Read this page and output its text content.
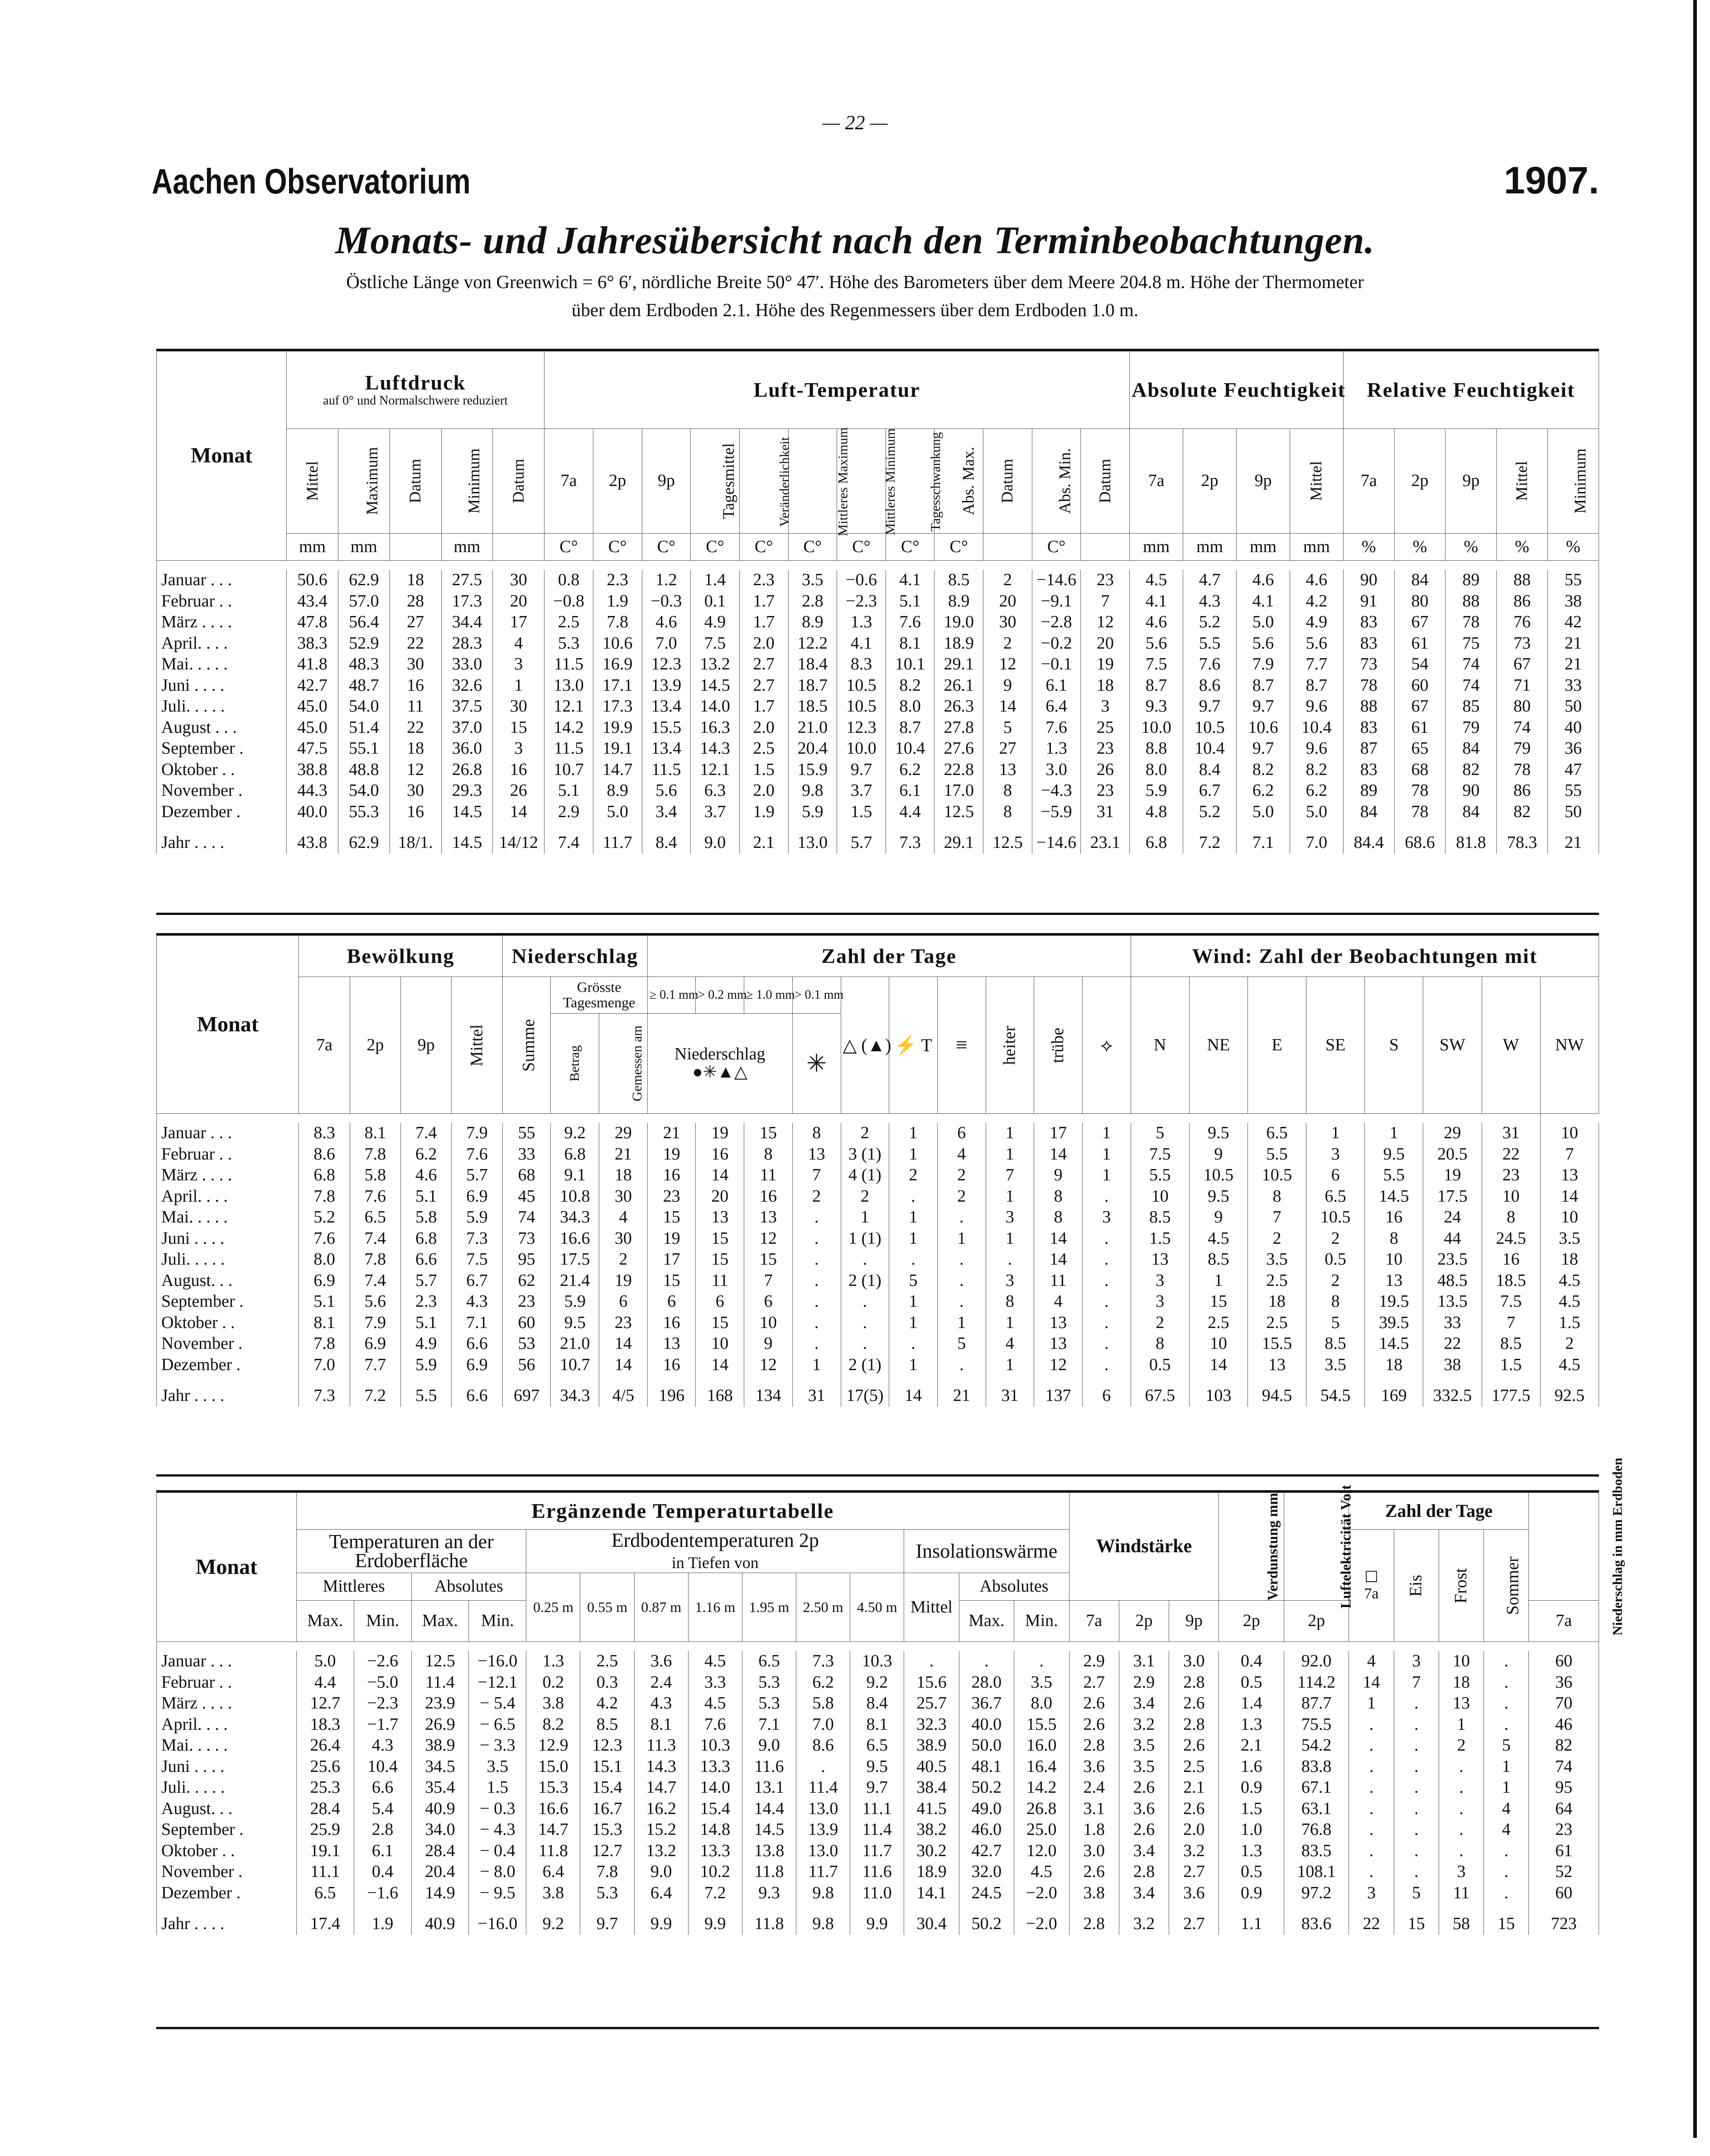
— 22 —
Aachen Observatorium	1907.
Monats- und Jahresübersicht nach den Terminbeobachtungen.
Östliche Länge von Greenwich = 6° 6′, nördliche Breite 50° 47′. Höhe des Barometers über dem Meere 204.8 m. Höhe der Thermometer
über dem Erdboden 2.1. Höhe des Regenmessers über dem Erdboden 1.0 m.
Monat	Luftdruck
auf 0° und Normalschwere reduziert					Luft-Temperatur												Absolute Feuchtigkeit				Relative Feuchtigkeit				
	Mittel	Maximum	Datum	Minimum	Datum	7a	2p	9p	Tagesmittel	Veränderlichkeit	Mittleres Maximum	Mittleres Minimum	Tagesschwankung	Abs. Max.	Datum	Abs. Min.	Datum	7a	2p	9p	Mittel	7a	2p	9p	Mittel	Minimum
	mm	mm		mm		C°	C°	C°	C°	C°	C°	C°	C°	C°		C°		mm	mm	mm	mm	%	%	%	%	%

Januar . . .	50.6	62.9	18	27.5	30	0.8	2.3	1.2	1.4	2.3	3.5	−0.6	4.1	8.5	2	−14.6	23	4.5	4.7	4.6	4.6	90	84	89	88	55
Februar . .	43.4	57.0	28	17.3	20	−0.8	1.9	−0.3	0.1	1.7	2.8	−2.3	5.1	8.9	20	−9.1	7	4.1	4.3	4.1	4.2	91	80	88	86	38
März . . . .	47.8	56.4	27	34.4	17	2.5	7.8	4.6	4.9	1.7	8.9	1.3	7.6	19.0	30	−2.8	12	4.6	5.2	5.0	4.9	83	67	78	76	42
April. . . .	38.3	52.9	22	28.3	4	5.3	10.6	7.0	7.5	2.0	12.2	4.1	8.1	18.9	2	−0.2	20	5.6	5.5	5.6	5.6	83	61	75	73	21
Mai. . . . .	41.8	48.3	30	33.0	3	11.5	16.9	12.3	13.2	2.7	18.4	8.3	10.1	29.1	12	−0.1	19	7.5	7.6	7.9	7.7	73	54	74	67	21
Juni . . . .	42.7	48.7	16	32.6	1	13.0	17.1	13.9	14.5	2.7	18.7	10.5	8.2	26.1	9	6.1	18	8.7	8.6	8.7	8.7	78	60	74	71	33
Juli. . . . .	45.0	54.0	11	37.5	30	12.1	17.3	13.4	14.0	1.7	18.5	10.5	8.0	26.3	14	6.4	3	9.3	9.7	9.7	9.6	88	67	85	80	50
August . . .	45.0	51.4	22	37.0	15	14.2	19.9	15.5	16.3	2.0	21.0	12.3	8.7	27.8	5	7.6	25	10.0	10.5	10.6	10.4	83	61	79	74	40
September .	47.5	55.1	18	36.0	3	11.5	19.1	13.4	14.3	2.5	20.4	10.0	10.4	27.6	27	1.3	23	8.8	10.4	9.7	9.6	87	65	84	79	36
Oktober . .	38.8	48.8	12	26.8	16	10.7	14.7	11.5	12.1	1.5	15.9	9.7	6.2	22.8	13	3.0	26	8.0	8.4	8.2	8.2	83	68	82	78	47
November .	44.3	54.0	30	29.3	26	5.1	8.9	5.6	6.3	2.0	9.8	3.7	6.1	17.0	8	−4.3	23	5.9	6.7	6.2	6.2	89	78	90	86	55
Dezember .	40.0	55.3	16	14.5	14	2.9	5.0	3.4	3.7	1.9	5.9	1.5	4.4	12.5	8	−5.9	31	4.8	5.2	5.0	5.0	84	78	84	82	50
Jahr . . . .	43.8	62.9	18/1.	14.5	14/12	7.4	11.7	8.4	9.0	2.1	13.0	5.7	7.3	29.1	12.5	−14.6	23.1	6.8	7.2	7.1	7.0	84.4	68.6	81.8	78.3	21
Monat	Bewölkung				Niederschlag			Zahl der Tage										Wind: Zahl der Beobachtungen mit							
	7a	2p	9p	Mittel	Summe	Grösste Tagesmenge		≥ 0.1 mm	> 0.2 mm	≥ 1.0 mm	> 0.1 mm	△ (▲)	⚡ T	≡	heiter	trübe	⟡	N	NE	E	SE	S	SW	W	NW
						Betrag	Gemessen am	Niederschlag
●✳▲△			✳														

Januar . . .	8.3	8.1	7.4	7.9	55	9.2	29	21	19	15	8	2	1	6	1	17	1	5	9.5	6.5	1	1	29	31	10
Februar . .	8.6	7.8	6.2	7.6	33	6.8	21	19	16	8	13	3 (1)	1	4	1	14	1	7.5	9	5.5	3	9.5	20.5	22	7
März . . . .	6.8	5.8	4.6	5.7	68	9.1	18	16	14	11	7	4 (1)	2	2	7	9	1	5.5	10.5	10.5	6	5.5	19	23	13
April. . . .	7.8	7.6	5.1	6.9	45	10.8	30	23	20	16	2	2	.	2	1	8	.	10	9.5	8	6.5	14.5	17.5	10	14
Mai. . . . .	5.2	6.5	5.8	5.9	74	34.3	4	15	13	13	.	1	1	.	3	8	3	8.5	9	7	10.5	16	24	8	10
Juni . . . .	7.6	7.4	6.8	7.3	73	16.6	30	19	15	12	.	1 (1)	1	1	1	14	.	1.5	4.5	2	2	8	44	24.5	3.5
Juli. . . . .	8.0	7.8	6.6	7.5	95	17.5	2	17	15	15	.	.	.	.	.	14	.	13	8.5	3.5	0.5	10	23.5	16	18
August. . .	6.9	7.4	5.7	6.7	62	21.4	19	15	11	7	.	2 (1)	5	.	3	11	.	3	1	2.5	2	13	48.5	18.5	4.5
September .	5.1	5.6	2.3	4.3	23	5.9	6	6	6	6	.	.	1	.	8	4	.	3	15	18	8	19.5	13.5	7.5	4.5
Oktober . .	8.1	7.9	5.1	7.1	60	9.5	23	16	15	10	.	.	1	1	1	13	.	2	2.5	2.5	5	39.5	33	7	1.5
November .	7.8	6.9	4.9	6.6	53	21.0	14	13	10	9	.	.	.	5	4	13	.	8	10	15.5	8.5	14.5	22	8.5	2
Dezember .	7.0	7.7	5.9	6.9	56	10.7	14	16	14	12	1	2 (1)	1	.	1	12	.	0.5	14	13	3.5	18	38	1.5	4.5
Jahr . . . .	7.3	7.2	5.5	6.6	697	34.3	4/5	196	168	134	31	17(5)	14	21	31	137	6	67.5	103	94.5	54.5	169	332.5	177.5	92.5
Monat	Ergänzende Temperaturtabelle														Windstärke			Verdunstung mm	Luftelektricität Volt	Zahl der Tage				Niederschlag in mm Erdboden
	Temperaturen an der Erdoberfläche				Erdbodentemperaturen 2p
in Tiefen von							Insolationswärme								☐
7a	Eis	Frost	Sommer	
	Mittleres		Absolutes		0.25 m	0.55 m	0.87 m	1.16 m	1.95 m	2.50 m	4.50 m	Mittel	Absolutes											
	Max.	Min.	Max.	Min.									Max.	Min.	7a	2p	9p	2p	2p					7a

Januar . . .	5.0	−2.6	12.5	−16.0	1.3	2.5	3.6	4.5	6.5	7.3	10.3	.	.	.	2.9	3.1	3.0	0.4	92.0	4	3	10	.	60
Februar . .	4.4	−5.0	11.4	−12.1	0.2	0.3	2.4	3.3	5.3	6.2	9.2	15.6	28.0	3.5	2.7	2.9	2.8	0.5	114.2	14	7	18	.	36
März . . . .	12.7	−2.3	23.9	− 5.4	3.8	4.2	4.3	4.5	5.3	5.8	8.4	25.7	36.7	8.0	2.6	3.4	2.6	1.4	87.7	1	.	13	.	70
April. . . .	18.3	−1.7	26.9	− 6.5	8.2	8.5	8.1	7.6	7.1	7.0	8.1	32.3	40.0	15.5	2.6	3.2	2.8	1.3	75.5	.	.	1	.	46
Mai. . . . .	26.4	4.3	38.9	− 3.3	12.9	12.3	11.3	10.3	9.0	8.6	6.5	38.9	50.0	16.0	2.8	3.5	2.6	2.1	54.2	.	.	2	5	82
Juni . . . .	25.6	10.4	34.5	3.5	15.0	15.1	14.3	13.3	11.6	.	9.5	40.5	48.1	16.4	3.6	3.5	2.5	1.6	83.8	.	.	.	1	74
Juli. . . . .	25.3	6.6	35.4	1.5	15.3	15.4	14.7	14.0	13.1	11.4	9.7	38.4	50.2	14.2	2.4	2.6	2.1	0.9	67.1	.	.	.	1	95
August. . .	28.4	5.4	40.9	− 0.3	16.6	16.7	16.2	15.4	14.4	13.0	11.1	41.5	49.0	26.8	3.1	3.6	2.6	1.5	63.1	.	.	.	4	64
September .	25.9	2.8	34.0	− 4.3	14.7	15.3	15.2	14.8	14.5	13.9	11.4	38.2	46.0	25.0	1.8	2.6	2.0	1.0	76.8	.	.	.	4	23
Oktober . .	19.1	6.1	28.4	− 0.4	11.8	12.7	13.2	13.3	13.8	13.0	11.7	30.2	42.7	12.0	3.0	3.4	3.2	1.3	83.5	.	.	.	.	61
November .	11.1	0.4	20.4	− 8.0	6.4	7.8	9.0	10.2	11.8	11.7	11.6	18.9	32.0	4.5	2.6	2.8	2.7	0.5	108.1	.	.	3	.	52
Dezember .	6.5	−1.6	14.9	− 9.5	3.8	5.3	6.4	7.2	9.3	9.8	11.0	14.1	24.5	−2.0	3.8	3.4	3.6	0.9	97.2	3	5	11	.	60
Jahr . . . .	17.4	1.9	40.9	−16.0	9.2	9.7	9.9	9.9	11.8	9.8	9.9	30.4	50.2	−2.0	2.8	3.2	2.7	1.1	83.6	22	15	58	15	723
